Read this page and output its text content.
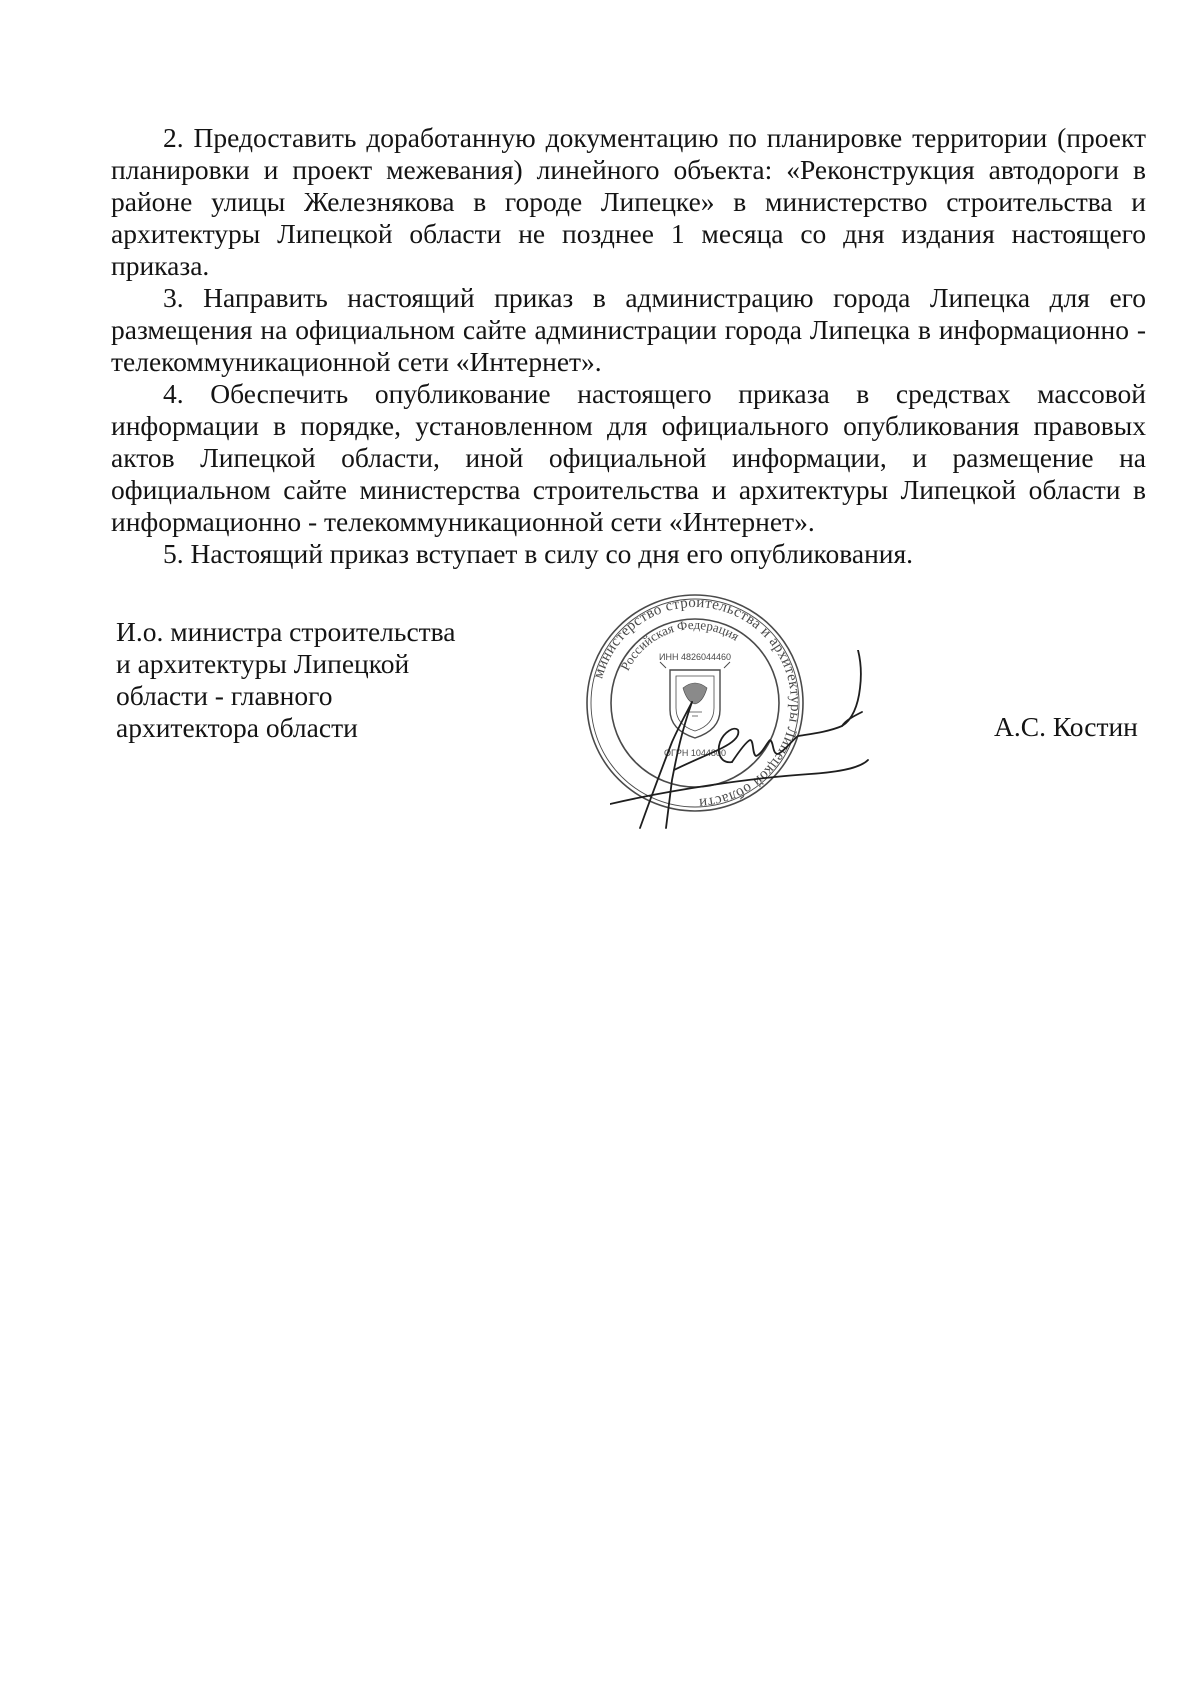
2. Предоставить доработанную документацию по планировке территории (проект планировки и проект межевания) линейного объекта: «Реконструкция автодороги в районе улицы Железнякова в городе Липецке» в министерство строительства и архитектуры Липецкой области не позднее 1 месяца со дня издания настоящего приказа.

3. Направить настоящий приказ в администрацию города Липецка для его размещения на официальном сайте администрации города Липецка в информационно - телекоммуникационной сети «Интернет».

4. Обеспечить опубликование настоящего приказа в средствах массовой информации в порядке, установленном для официального опубликования правовых актов Липецкой области, иной официальной информации, и размещение на официальном сайте министерства строительства и архитектуры Липецкой области в информационно - телекоммуникационной сети «Интернет».

5. Настоящий приказ вступает в силу со дня его опубликования.

И.о. министра строительства
и архитектуры Липецкой
области - главного
архитектора области
министерство строительства и архитектуры Липецкой области
Российская Федерация
ИНН 4826044460
ОГРН 1044800
А.С. Костин
